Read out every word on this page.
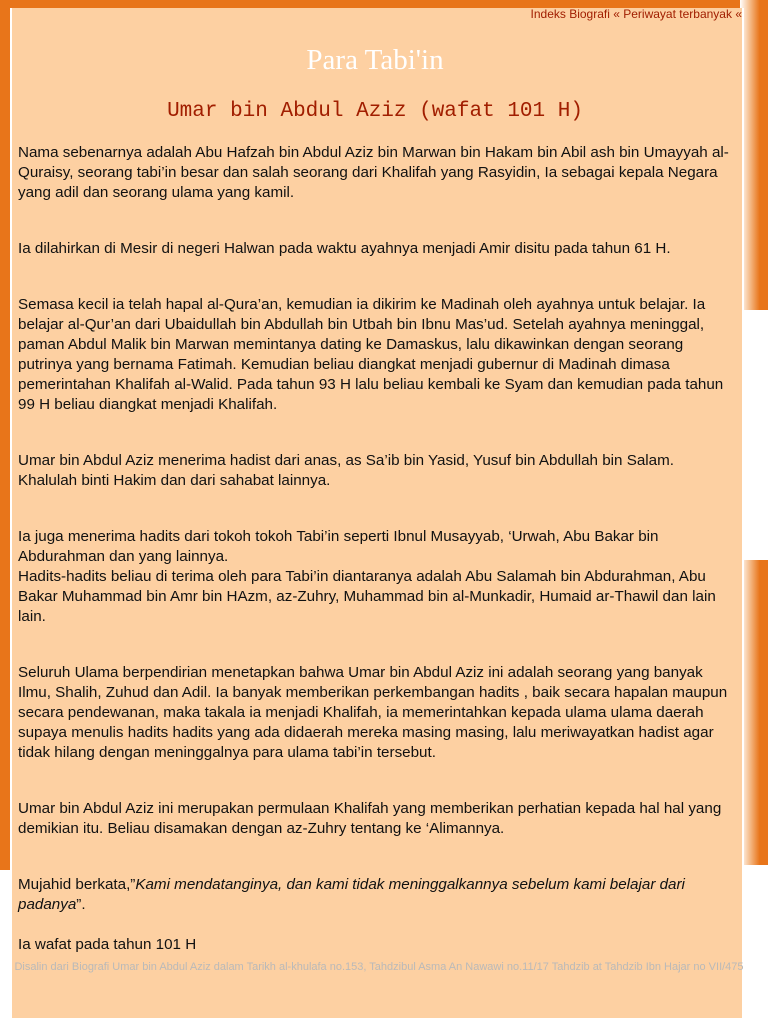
Indeks Biografi « Periwayat terbanyak «
Para Tabi'in
Umar bin Abdul Aziz (wafat 101 H)

Nama sebenarnya adalah Abu Hafzah bin Abdul Aziz bin Marwan bin Hakam bin Abil ash bin Umayyah al-Quraisy, seorang tabi’in besar dan salah seorang dari Khalifah yang Rasyidin, Ia sebagai kepala Negara yang adil dan seorang ulama yang kamil.

Ia dilahirkan di Mesir di negeri Halwan pada waktu ayahnya menjadi Amir disitu pada tahun 61 H.

Semasa kecil ia telah hapal al-Qura’an, kemudian ia dikirim ke Madinah oleh ayahnya untuk belajar. Ia belajar al-Qur’an dari Ubaidullah bin Abdullah bin Utbah bin Ibnu Mas’ud. Setelah ayahnya meninggal, paman Abdul Malik bin Marwan memintanya dating ke Damaskus, lalu dikawinkan dengan seorang putrinya yang bernama Fatimah. Kemudian beliau diangkat menjadi gubernur di Madinah dimasa pemerintahan Khalifah al-Walid. Pada tahun 93 H lalu beliau kembali ke Syam dan kemudian pada tahun 99 H beliau diangkat menjadi Khalifah.

Umar bin Abdul Aziz menerima hadist dari anas, as Sa’ib bin Yasid, Yusuf bin Abdullah bin Salam. Khalulah binti Hakim dan dari sahabat lainnya.

Ia juga menerima hadits dari tokoh tokoh Tabi’in seperti Ibnul Musayyab, ‘Urwah, Abu Bakar bin Abdurahman dan yang lainnya.

Hadits-hadits beliau di terima oleh para Tabi’in diantaranya adalah Abu Salamah bin Abdurahman, Abu Bakar Muhammad bin Amr bin HAzm, az-Zuhry, Muhammad bin al-Munkadir, Humaid ar-Thawil dan lain lain.

Seluruh Ulama berpendirian menetapkan bahwa Umar bin Abdul Aziz ini adalah seorang yang banyak Ilmu, Shalih, Zuhud dan Adil. Ia banyak memberikan perkembangan hadits , baik secara hapalan maupun secara pendewanan, maka takala ia menjadi Khalifah, ia memerintahkan kepada ulama ulama daerah supaya menulis hadits hadits yang ada didaerah mereka masing masing, lalu meriwayatkan hadist agar tidak hilang dengan meninggalnya para ulama tabi’in tersebut.

Umar bin Abdul Aziz ini merupakan permulaan Khalifah yang memberikan perhatian kepada hal hal yang demikian itu. Beliau disamakan dengan az-Zuhry tentang ke ‘Alimannya.

Mujahid berkata,”Kami mendatanginya, dan kami tidak meninggalkannya sebelum kami belajar dari padanya”.

Ia wafat pada tahun 101 H

Disalin dari Biografi Umar bin Abdul Aziz dalam Tarikh al-khulafa no.153, Tahdzibul Asma An Nawawi no.11/17 Tahdzib at Tahdzib Ibn Hajar no VII/475
